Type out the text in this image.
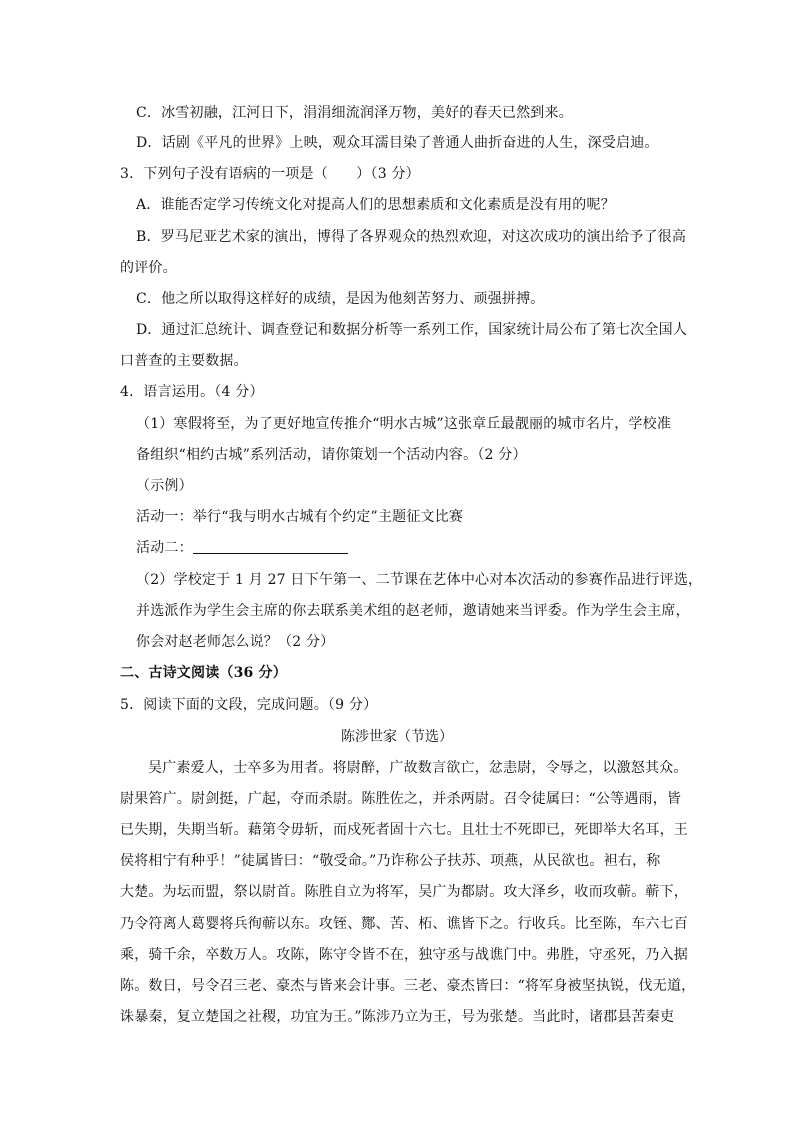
C．冰雪初融，江河日下，涓涓细流润泽万物，美好的春天已然到来。
D．话剧《平凡的世界》上映，观众耳濡目染了普通人曲折奋进的人生，深受启迪。
3．下列句子没有语病的一项是（　　）（3 分）
A．谁能否定学习传统文化对提高人们的思想素质和文化素质是没有用的呢？
B．罗马尼亚艺术家的演出，博得了各界观众的热烈欢迎，对这次成功的演出给予了很高
的评价。
C．他之所以取得这样好的成绩，是因为他刻苦努力、顽强拼搏。
D．通过汇总统计、调查登记和数据分析等一系列工作，国家统计局公布了第七次全国人
口普查的主要数据。
4．语言运用。（4 分）
（1）寒假将至，为了更好地宣传推介“明水古城”这张章丘最靓丽的城市名片，学校准
备组织“相约古城”系列活动，请你策划一个活动内容。（2 分）
（示例）
活动一：举行“我与明水古城有个约定”主题征文比赛
活动二：
（2）学校定于 1 月 27 日下午第一、二节课在艺体中心对本次活动的参赛作品进行评选，
并选派作为学生会主席的你去联系美术组的赵老师，邀请她来当评委。作为学生会主席，
你会对赵老师怎么说？（2 分）
二、古诗文阅读（36 分）
5．阅读下面的文段，完成问题。（9 分）
陈涉世家（节选）
吴广素爱人，士卒多为用者。将尉醉，广故数言欲亡，忿恚尉，令辱之，以激怒其众。
尉果笞广。尉剑挺，广起，夺而杀尉。陈胜佐之，并杀两尉。召令徒属曰：“公等遇雨，皆
已失期，失期当斩。藉第令毋斩，而戍死者固十六七。且壮士不死即已，死即举大名耳，王
侯将相宁有种乎！”徒属皆曰：“敬受命。”乃诈称公子扶苏、项燕，从民欲也。袒右，称
大楚。为坛而盟，祭以尉首。陈胜自立为将军，吴广为都尉。攻大泽乡，收而攻蕲。蕲下，
乃令符离人葛婴将兵徇蕲以东。攻铚、酂、苦、柘、谯皆下之。行收兵。比至陈，车六七百
乘，骑千余，卒数万人。攻陈，陈守令皆不在，独守丞与战谯门中。弗胜，守丞死，乃入据
陈。数日，号令召三老、豪杰与皆来会计事。三老、豪杰皆曰：“将军身被坚执锐，伐无道，
诛暴秦，复立楚国之社稷，功宜为王。”陈涉乃立为王，号为张楚。当此时，诸郡县苦秦吏
